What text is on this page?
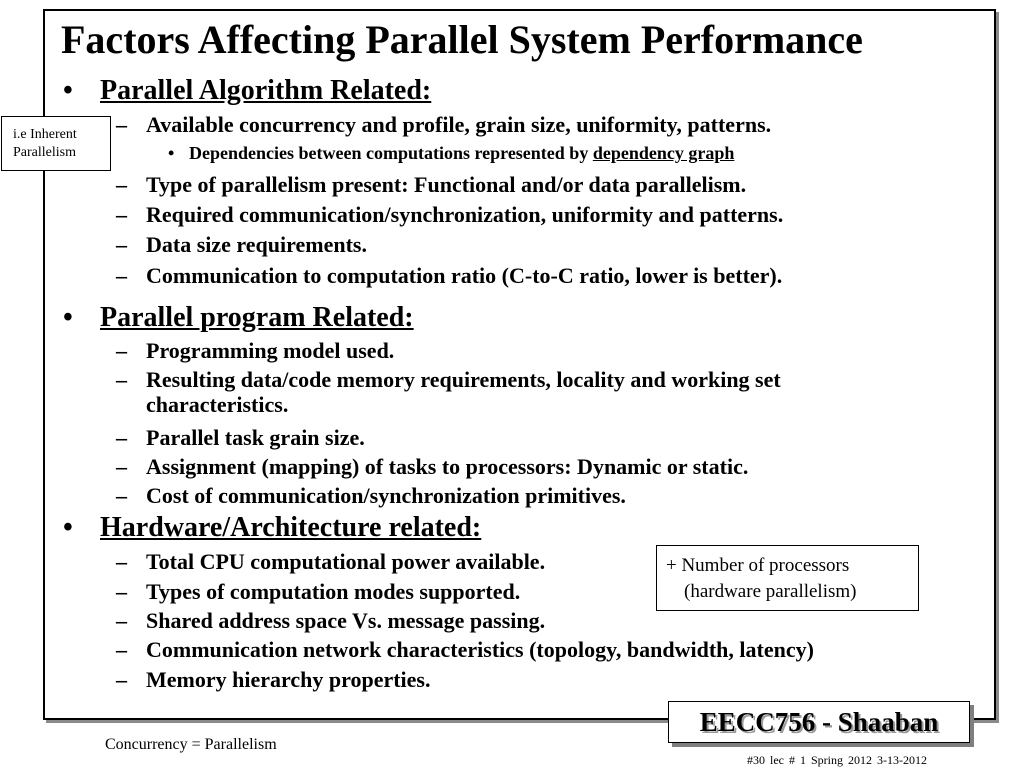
Factors Affecting Parallel System Performance
• Parallel Algorithm Related:
– Available concurrency and profile, grain size, uniformity, patterns.
• Dependencies between computations represented by dependency graph
– Type of parallelism present: Functional and/or data parallelism.
– Required communication/synchronization, uniformity and patterns.
– Data size requirements.
– Communication to computation ratio (C-to-C ratio, lower is better).
• Parallel program Related:
– Programming model used.
– Resulting data/code memory requirements, locality and working set
characteristics.
– Parallel task grain size.
– Assignment (mapping) of tasks to processors: Dynamic or static.
– Cost of communication/synchronization primitives.
• Hardware/Architecture related:
– Total CPU computational power available.
– Types of computation modes supported.
– Shared address space Vs. message passing.
– Communication network characteristics (topology, bandwidth, latency)
– Memory hierarchy properties.
i.e Inherent
Parallelism
+ Number of processors
(hardware parallelism)
EECC756 - Shaaban
Concurrency = Parallelism
#30 lec # 1 Spring 2012 3-13-2012
